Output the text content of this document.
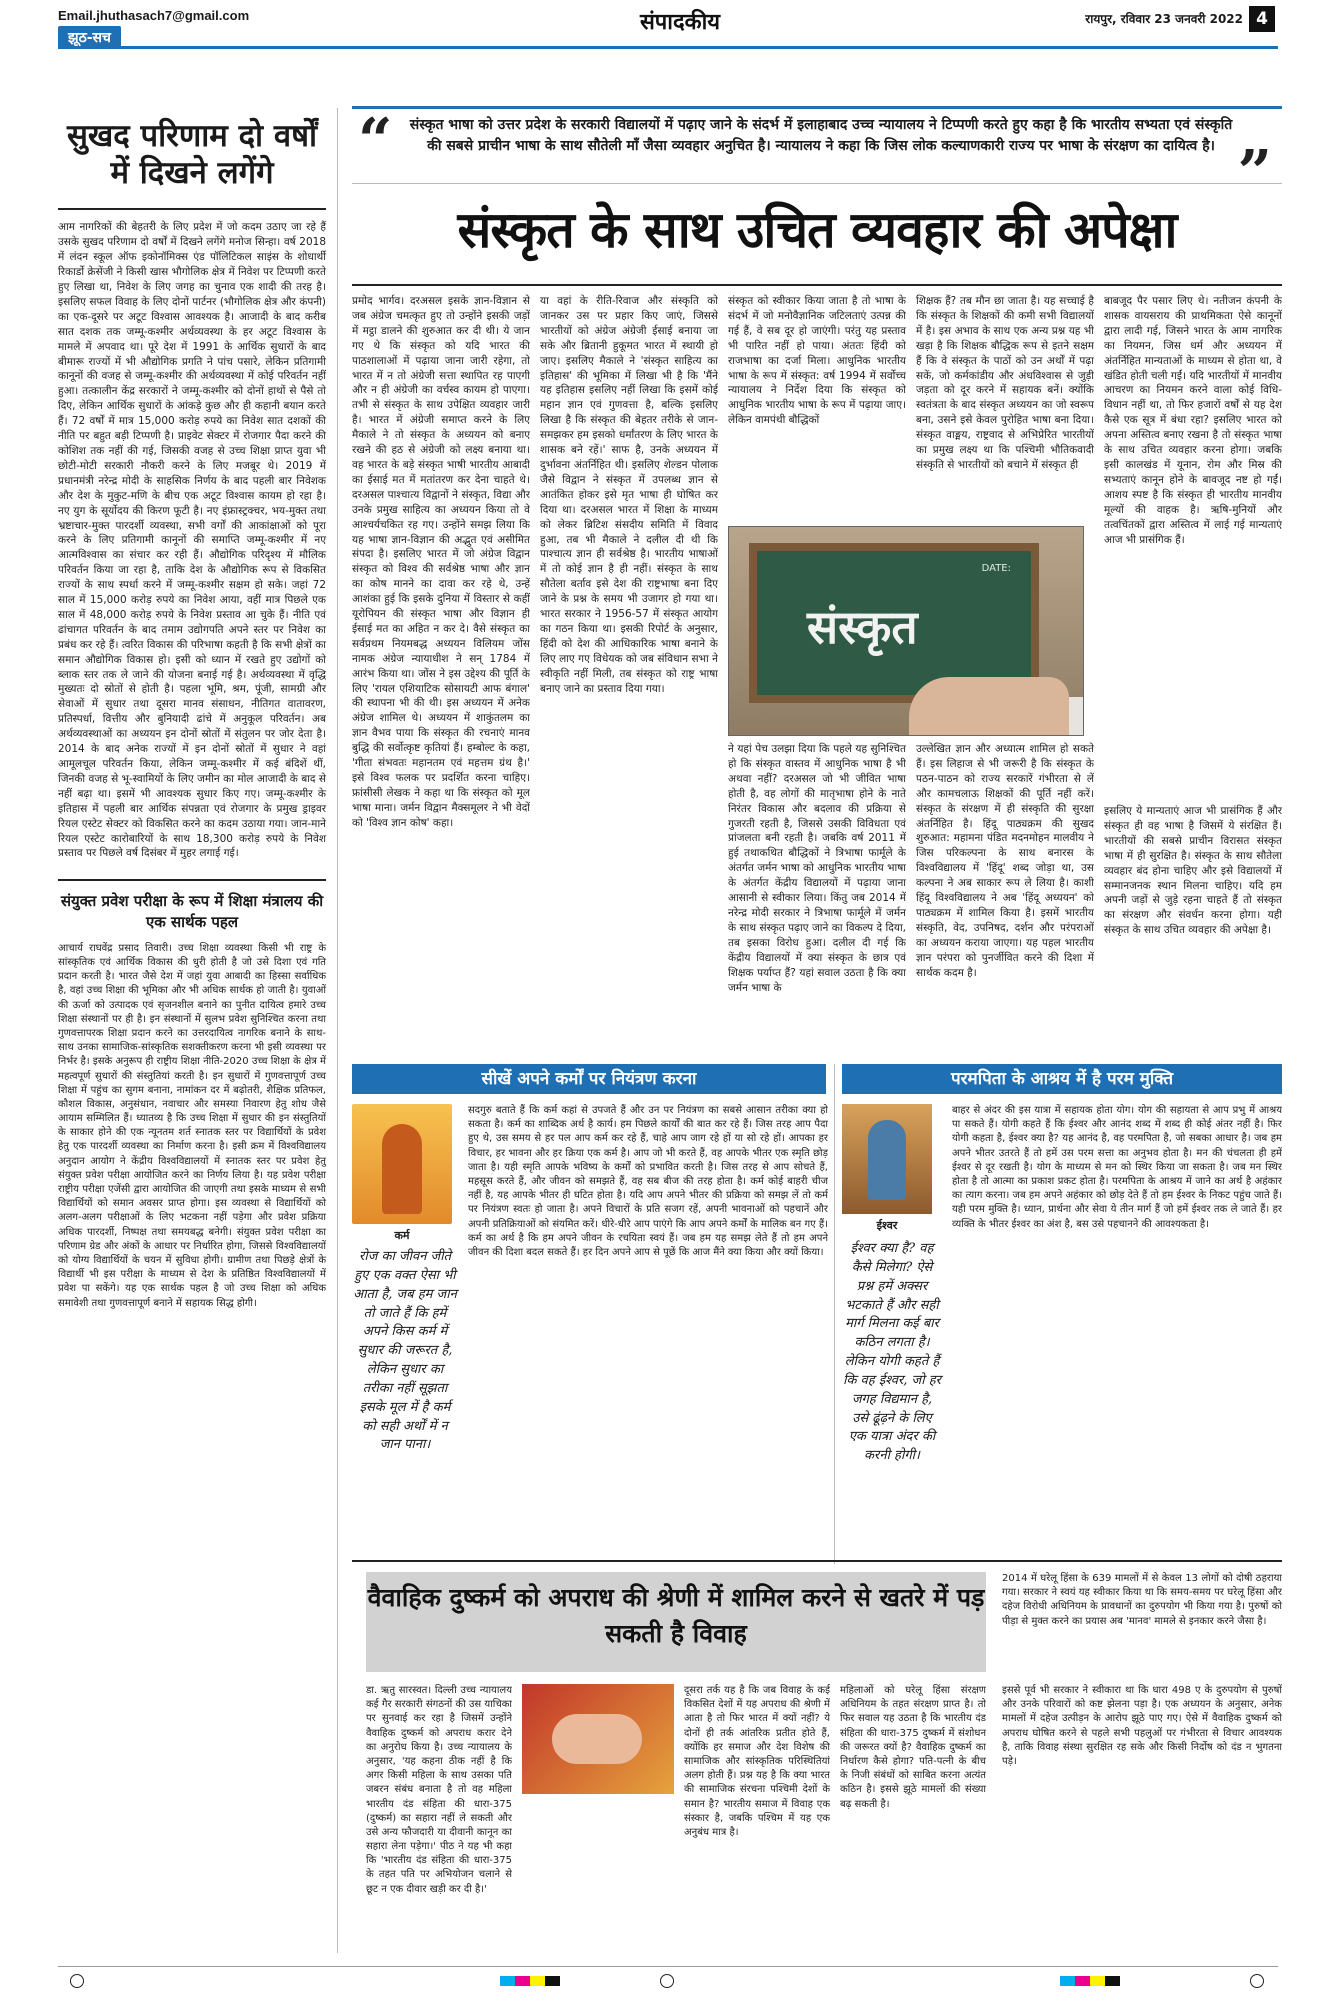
Email.jhuthasach7@gmail.com
झूठ-सच
संपादकीय	रायपुर, रविवार 23 जनवरी 2022 4
सुखद परिणाम दो वर्षों में दिखने लगेंगे
आम नागरिकों की बेहतरी के लिए प्रदेश में जो कदम उठाए जा रहे हैं उसके सुखद परिणाम दो वर्षों में दिखने लगेंगे मनोज सिन्हा। वर्ष 2018 में लंदन स्कूल ऑफ इकोनॉमिक्स एंड पॉलिटिकल साइंस के शोधार्थी रिकार्डो क्रेसेंजी ने किसी खास भौगोलिक क्षेत्र में निवेश पर टिप्पणी करते हुए लिखा था, निवेश के लिए जगह का चुनाव एक शादी की तरह है। इसलिए सफल विवाह के लिए दोनों पार्टनर (भौगोलिक क्षेत्र और कंपनी) का एक-दूसरे पर अटूट विश्वास आवश्यक है। आजादी के बाद करीब सात दशक तक जम्मू-कश्मीर अर्थव्यवस्था के हर अटूट विश्वास के मामले में अपवाद था। पूरे देश में 1991 के आर्थिक सुधारों के बाद बीमारू राज्यों में भी औद्योगिक प्रगति ने पांच पसारे, लेकिन प्रतिगामी कानूनों की वजह से जम्मू-कश्मीर की अर्थव्यवस्था में कोई परिवर्तन नहीं हुआ। तत्कालीन केंद्र सरकारों ने जम्मू-कश्मीर को दोनों हाथों से पैसे तो दिए, लेकिन आर्थिक सुधारों के आंकड़े कुछ और ही कहानी बयान करते हैं। 72 वर्षों में मात्र 15,000 करोड़ रुपये का निवेश सात दशकों की नीति पर बहुत बड़ी टिप्पणी है। प्राइवेट सेक्टर में रोजगार पैदा करने की कोशिश तक नहीं की गई, जिसकी वजह से उच्च शिक्षा प्राप्त युवा भी छोटी-मोटी सरकारी नौकरी करने के लिए मजबूर थे। 2019 में प्रधानमंत्री नरेन्द्र मोदी के साहसिक निर्णय के बाद पहली बार निवेशक और देश के मुकुट-मणि के बीच एक अटूट विश्वास कायम हो रहा है। नए युग के सूर्योदय की किरण फूटी है। नए इंफ्रास्ट्रक्चर, भय-मुक्त तथा भ्रष्टाचार-मुक्त पारदर्शी व्यवस्था, सभी वर्गों की आकांक्षाओं को पूरा करने के लिए प्रतिगामी कानूनों की समाप्ति जम्मू-कश्मीर में नए आत्मविश्वास का संचार कर रही हैं। औद्योगिक परिदृश्य में मौलिक परिवर्तन किया जा रहा है, ताकि देश के औद्योगिक रूप से विकसित राज्यों के साथ स्पर्धा करने में जम्मू-कश्मीर सक्षम हो सके। जहां 72 साल में 15,000 करोड़ रुपये का निवेश आया, वहीं मात्र पिछले एक साल में 48,000 करोड़ रुपये के निवेश प्रस्ताव आ चुके हैं। नीति एवं ढांचागत परिवर्तन के बाद तमाम उद्योगपति अपने स्तर पर निवेश का प्रबंध कर रहे हैं। त्वरित विकास की परिभाषा कहती है कि सभी क्षेत्रों का समान औद्योगिक विकास हो। इसी को ध्यान में रखते हुए उद्योगों को ब्लाक स्तर तक ले जाने की योजना बनाई गई है। अर्थव्यवस्था में वृद्धि मुख्यतः दो स्रोतों से होती है। पहला भूमि, श्रम, पूंजी, सामग्री और सेवाओं में सुधार तथा दूसरा मानव संसाधन, नीतिगत वातावरण, प्रतिस्पर्धा, वित्तीय और बुनियादी ढांचे में अनुकूल परिवर्तन। अब अर्थव्यवस्थाओं का अध्ययन इन दोनों स्रोतों में संतुलन पर जोर देता है। 2014 के बाद अनेक राज्यों में इन दोनों स्रोतों में सुधार ने वहां आमूलचूल परिवर्तन किया, लेकिन जम्मू-कश्मीर में कई बंदिशें थीं, जिनकी वजह से भू-स्वामियों के लिए जमीन का मोल आजादी के बाद से नहीं बढ़ा था। इसमें भी आवश्यक सुधार किए गए। जम्मू-कश्मीर के इतिहास में पहली बार आर्थिक संपन्नता एवं रोजगार के प्रमुख ड्राइवर रियल एस्टेट सेक्टर को विकसित करने का कदम उठाया गया। जान-माने रियल एस्टेट कारोबारियों के साथ 18,300 करोड़ रुपये के निवेश प्रस्ताव पर पिछले वर्ष दिसंबर में मुहर लगाई गई।
संयुक्त प्रवेश परीक्षा के रूप में शिक्षा मंत्रालय की एक सार्थक पहल
आचार्य राघवेंद्र प्रसाद तिवारी। उच्च शिक्षा व्यवस्था किसी भी राष्ट्र के सांस्कृतिक एवं आर्थिक विकास की धुरी होती है जो उसे दिशा एवं गति प्रदान करती है। भारत जैसे देश में जहां युवा आबादी का हिस्सा सर्वाधिक है, वहां उच्च शिक्षा की भूमिका और भी अधिक सार्थक हो जाती है। युवाओं की ऊर्जा को उत्पादक एवं सृजनशील बनाने का पुनीत दायित्व हमारे उच्च शिक्षा संस्थानों पर ही है। इन संस्थानों में सुलभ प्रवेश सुनिश्चित करना तथा गुणवत्तापरक शिक्षा प्रदान करने का उत्तरदायित्व नागरिक बनाने के साथ-साथ उनका सामाजिक-सांस्कृतिक सशक्तीकरण करना भी इसी व्यवस्था पर निर्भर है। इसके अनुरूप ही राष्ट्रीय शिक्षा नीति-2020 उच्च शिक्षा के क्षेत्र में महत्वपूर्ण सुधारों की संस्तुतियां करती है। इन सुधारों में गुणवत्तापूर्ण उच्च शिक्षा में पहुंच का सुगम बनाना, नामांकन दर में बढ़ोतरी, शैक्षिक प्रतिफल, कौशल विकास, अनुसंधान, नवाचार और समस्या निवारण हेतु शोध जैसे आयाम सम्मिलित हैं। ध्यातव्य है कि उच्च शिक्षा में सुधार की इन संस्तुतियों के साकार होने की एक न्यूनतम शर्त स्नातक स्तर पर विद्यार्थियों के प्रवेश हेतु एक पारदर्शी व्यवस्था का निर्माण करना है। इसी क्रम में विश्वविद्यालय अनुदान आयोग ने केंद्रीय विश्वविद्यालयों में स्नातक स्तर पर प्रवेश हेतु संयुक्त प्रवेश परीक्षा आयोजित करने का निर्णय लिया है। यह प्रवेश परीक्षा राष्ट्रीय परीक्षा एजेंसी द्वारा आयोजित की जाएगी तथा इसके माध्यम से सभी विद्यार्थियों को समान अवसर प्राप्त होगा। इस व्यवस्था से विद्यार्थियों को अलग-अलग परीक्षाओं के लिए भटकना नहीं पड़ेगा और प्रवेश प्रक्रिया अधिक पारदर्शी, निष्पक्ष तथा समयबद्ध बनेगी। संयुक्त प्रवेश परीक्षा का परिणाम ग्रेड और अंकों के आधार पर निर्धारित होगा, जिससे विश्वविद्यालयों को योग्य विद्यार्थियों के चयन में सुविधा होगी। ग्रामीण तथा पिछड़े क्षेत्रों के विद्यार्थी भी इस परीक्षा के माध्यम से देश के प्रतिष्ठित विश्वविद्यालयों में प्रवेश पा सकेंगे। यह एक सार्थक पहल है जो उच्च शिक्षा को अधिक समावेशी तथा गुणवत्तापूर्ण बनाने में सहायक सिद्ध होगी।
“ संस्कृत भाषा को उत्तर प्रदेश के सरकारी विद्यालयों में पढ़ाए जाने के संदर्भ में इलाहाबाद उच्च न्यायालय ने टिप्पणी करते हुए कहा है कि भारतीय सभ्यता एवं संस्कृति की सबसे प्राचीन भाषा के साथ सौतेली माँ जैसा व्यवहार अनुचित है। न्यायालय ने कहा कि जिस लोक कल्याणकारी राज्य पर भाषा के संरक्षण का दायित्व है। ”
संस्कृत के साथ उचित व्यवहार की अपेक्षा
प्रमोद भार्गव। दरअसल इसके ज्ञान-विज्ञान से जब अंग्रेज चमत्कृत हुए तो उन्होंने इसकी जड़ों में मट्ठा डालने की शुरुआत कर दी थी। ये जान गए थे कि संस्कृत को यदि भारत की पाठशालाओं में पढ़ाया जाना जारी रहेगा, तो भारत में न तो अंग्रेजी सत्ता स्थापित रह पाएगी और न ही अंग्रेजी का वर्चस्व कायम हो पाएगा। तभी से संस्कृत के साथ उपेक्षित व्यवहार जारी है। भारत में अंग्रेजी समाप्त करने के लिए मैकाले ने तो संस्कृत के अध्ययन को बनाए रखने की हठ से अंग्रेजी को लक्ष्य बनाया था। वह भारत के बड़े संस्कृत भाषी भारतीय आबादी का ईसाई मत में मतांतरण कर देना चाहते थे। दरअसल पाश्चात्य विद्वानों ने संस्कृत, विद्या और उनके प्रमुख साहित्य का अध्ययन किया तो वे आश्चर्यचकित रह गए। उन्होंने समझ लिया कि यह भाषा ज्ञान-विज्ञान की अद्भुत एवं असीमित संपदा है। इसलिए भारत में जो अंग्रेज विद्वान संस्कृत को विश्व की सर्वश्रेष्ठ भाषा और ज्ञान का कोष मानने का दावा कर रहे थे, उन्हें आशंका हुई कि इसके दुनिया में विस्तार से कहीं यूरोपियन की संस्कृत भाषा और विज्ञान ही ईसाई मत का अहित न कर दे। वैसे संस्कृत का सर्वप्रथम नियमबद्ध अध्ययन विलियम जोंस नामक अंग्रेज न्यायाधीश ने सन् 1784 में आरंभ किया था। जोंस ने इस उद्देश्य की पूर्ति के लिए 'रायल एशियाटिक सोसायटी आफ बंगाल' की स्थापना भी की थी। इस अध्ययन में अनेक अंग्रेज शामिल थे। अध्ययन में शाकुंतलम का ज्ञान वैभव पाया कि संस्कृत की रचनाएं मानव बुद्धि की सर्वोत्कृष्ट कृतियां हैं। हम्बोल्ट के कहा, 'गीता संभवतः महानतम एवं महत्तम ग्रंथ है।' इसे विश्व फलक पर प्रदर्शित करना चाहिए। फ्रांसीसी लेखक ने कहा था कि संस्कृत को मूल भाषा माना। जर्मन विद्वान मैक्समूलर ने भी वेदों को 'विश्व ज्ञान कोष' कहा।
या वहां के रीति-रिवाज और संस्कृति को जानकर उस पर प्रहार किए जाएं, जिससे भारतीयों को अंग्रेज अंग्रेजी ईसाई बनाया जा सके और ब्रितानी हुकूमत भारत में स्थायी हो जाए। इसलिए मैकाले ने 'संस्कृत साहित्य का इतिहास' की भूमिका में लिखा भी है कि 'मैंने यह इतिहास इसलिए नहीं लिखा कि इसमें कोई महान ज्ञान एवं गुणवत्ता है, बल्कि इसलिए लिखा है कि संस्कृत की बेहतर तरीके से जान-समझकर हम इसको धर्मांतरण के लिए भारत के शासक बने रहें।' साफ है, उनके अध्ययन में दुर्भावना अंतर्निहित थी। इसलिए शेल्डन पोलाक जैसे विद्वान ने संस्कृत में उपलब्ध ज्ञान से आतंकित होकर इसे मृत भाषा ही घोषित कर दिया था। दरअसल भारत में शिक्षा के माध्यम को लेकर ब्रिटिश संसदीय समिति में विवाद हुआ, तब भी मैकाले ने दलील दी थी कि पाश्चात्य ज्ञान ही सर्वश्रेष्ठ है। भारतीय भाषाओं में तो कोई ज्ञान है ही नहीं। संस्कृत के साथ सौतेला बर्ताव इसे देश की राष्ट्रभाषा बना दिए जाने के प्रश्न के समय भी उजागर हो गया था। भारत सरकार ने 1956-57 में संस्कृत आयोग का गठन किया था। इसकी रिपोर्ट के अनुसार, हिंदी को देश की आधिकारिक भाषा बनाने के लिए लाए गए विधेयक को जब संविधान सभा ने स्वीकृति नहीं मिली, तब संस्कृत को राष्ट्र भाषा बनाए जाने का प्रस्ताव दिया गया।
संस्कृत को स्वीकार किया जाता है तो भाषा के संदर्भ में जो मनोवैज्ञानिक जटिलताएं उत्पन्न की गई हैं, वे सब दूर हो जाएंगी। परंतु यह प्रस्ताव भी पारित नहीं हो पाया। अंततः हिंदी को राजभाषा का दर्जा मिला। आधुनिक भारतीय भाषा के रूप में संस्कृत: वर्ष 1994 में सर्वोच्च न्यायालय ने निर्देश दिया कि संस्कृत को आधुनिक भारतीय भाषा के रूप में पढ़ाया जाए। लेकिन वामपंथी बौद्धिकों
शिक्षक हैं? तब मौन छा जाता है। यह सच्चाई है कि संस्कृत के शिक्षकों की कमी सभी विद्यालयों में है। इस अभाव के साथ एक अन्य प्रश्न यह भी खड़ा है कि शिक्षक बौद्धिक रूप से इतने सक्षम हैं कि वे संस्कृत के पाठों को उन अर्थों में पढ़ा सकें, जो कर्मकांडीय और अंधविश्वास से जुड़ी जड़ता को दूर करने में सहायक बनें। क्योंकि स्वतंत्रता के बाद संस्कृत अध्ययन का जो स्वरूप बना, उसने इसे केवल पुरोहित भाषा बना दिया। संस्कृत वाङ्मय, राष्ट्रवाद से अभिप्रेरित भारतीयों का प्रमुख लक्ष्य था कि पश्चिमी भौतिकवादी संस्कृति से भारतीयों को बचाने में संस्कृत ही
बाबजूद पैर पसार लिए थे। नतीजन कंपनी के शासक वायसराय की प्राथमिकता ऐसे कानूनों द्वारा लादी गई, जिसने भारत के आम नागरिक का नियमन, जिस धर्म और अध्ययन में अंतर्निहित मान्यताओं के माध्यम से होता था, वे खंडित होती चली गईं। यदि भारतीयों में मानवीय आचरण का नियमन करने वाला कोई विधि-विधान नहीं था, तो फिर हजारों वर्षों से यह देश कैसे एक सूत्र में बंधा रहा? इसलिए भारत को अपना अस्तित्व बनाए रखना है तो संस्कृत भाषा के साथ उचित व्यवहार करना होगा। जबकि इसी कालखंड में यूनान, रोम और मिस्र की सभ्यताएं कानून होने के बावजूद नष्ट हो गईं। आशय स्पष्ट है कि संस्कृत ही भारतीय मानवीय मूल्यों की वाहक है। ऋषि-मुनियों और तत्वचिंतकों द्वारा अस्तित्व में लाई गई मान्यताएं आज भी प्रासंगिक हैं।
ने यहां पेच उलझा दिया कि पहले यह सुनिश्चित हो कि संस्कृत वास्तव में आधुनिक भाषा है भी अथवा नहीं? दरअसल जो भी जीवित भाषा होती है, वह लोगों की मातृभाषा होने के नाते निरंतर विकास और बदलाव की प्रक्रिया से गुजरती रहती है, जिससे उसकी विविधता एवं प्रांजलता बनी रहती है। जबकि वर्ष 2011 में हुई तथाकथित बौद्धिकों ने त्रिभाषा फार्मूले के अंतर्गत जर्मन भाषा को आधुनिक भारतीय भाषा के अंतर्गत केंद्रीय विद्यालयों में पढ़ाया जाना आसानी से स्वीकार लिया। किंतु जब 2014 में नरेन्द्र मोदी सरकार ने त्रिभाषा फार्मूले में जर्मन के साथ संस्कृत पढ़ाए जाने का विकल्प दे दिया, तब इसका विरोध हुआ। दलील दी गई कि केंद्रीय विद्यालयों में क्या संस्कृत के छात्र एवं शिक्षक पर्याप्त हैं? यहां सवाल उठता है कि क्या जर्मन भाषा के
उल्लेखित ज्ञान और अध्यात्म शामिल हो सकते हैं। इस लिहाज से भी जरूरी है कि संस्कृत के पठन-पाठन को राज्य सरकारें गंभीरता से लें और कामचलाऊ शिक्षकों की पूर्ति नहीं करें। संस्कृत के संरक्षण में ही संस्कृति की सुरक्षा अंतर्निहित है। हिंदू पाठ्यक्रम की सुखद शुरुआत: महामना पंडित मदनमोहन मालवीय ने जिस परिकल्पना के साथ बनारस के विश्वविद्यालय में 'हिंदू' शब्द जोड़ा था, उस कल्पना ने अब साकार रूप ले लिया है। काशी हिंदू विश्वविद्यालय ने अब 'हिंदू अध्ययन' को पाठ्यक्रम में शामिल किया है। इसमें भारतीय संस्कृति, वेद, उपनिषद, दर्शन और परंपराओं का अध्ययन कराया जाएगा। यह पहल भारतीय ज्ञान परंपरा को पुनर्जीवित करने की दिशा में सार्थक कदम है।
इसलिए ये मान्यताएं आज भी प्रासंगिक हैं और संस्कृत ही वह भाषा है जिसमें ये संरक्षित हैं। भारतीयों की सबसे प्राचीन विरासत संस्कृत भाषा में ही सुरक्षित है। संस्कृत के साथ सौतेला व्यवहार बंद होना चाहिए और इसे विद्यालयों में सम्मानजनक स्थान मिलना चाहिए। यदि हम अपनी जड़ों से जुड़े रहना चाहते हैं तो संस्कृत का संरक्षण और संवर्धन करना होगा। यही संस्कृत के साथ उचित व्यवहार की अपेक्षा है।
DATE:
संस्कृत
सीखें अपने कर्मों पर नियंत्रण करना	परमपिता के आश्रय में है परम मुक्ति
कर्म
रोज का जीवन जीते हुए एक वक्त ऐसा भी आता है, जब हम जान तो जाते हैं कि हमें अपने किस कर्म में सुधार की जरूरत है, लेकिन सुधार का तरीका नहीं सूझता इसके मूल में है कर्म को सही अर्थों में न जान पाना।
सदगुरु बताते हैं कि कर्म कहां से उपजते हैं और उन पर नियंत्रण का सबसे आसान तरीका क्या हो सकता है। कर्म का शाब्दिक अर्थ है कार्य। हम पिछले कार्यों की बात कर रहे हैं। जिस तरह आप पैदा हुए थे, उस समय से हर पल आप कर्म कर रहे हैं, चाहे आप जाग रहे हों या सो रहे हों। आपका हर विचार, हर भावना और हर क्रिया एक कर्म है। आप जो भी करते हैं, वह आपके भीतर एक स्मृति छोड़ जाता है। यही स्मृति आपके भविष्य के कर्मों को प्रभावित करती है। जिस तरह से आप सोचते हैं, महसूस करते हैं, और जीवन को समझते हैं, वह सब बीज की तरह होता है। कर्म कोई बाहरी चीज नहीं है, यह आपके भीतर ही घटित होता है। यदि आप अपने भीतर की प्रक्रिया को समझ लें तो कर्म पर नियंत्रण स्वतः हो जाता है। अपने विचारों के प्रति सजग रहें, अपनी भावनाओं को पहचानें और अपनी प्रतिक्रियाओं को संयमित करें। धीरे-धीरे आप पाएंगे कि आप अपने कर्मों के मालिक बन गए हैं। कर्म का अर्थ है कि हम अपने जीवन के रचयिता स्वयं हैं। जब हम यह समझ लेते हैं तो हम अपने जीवन की दिशा बदल सकते हैं। हर दिन अपने आप से पूछें कि आज मैंने क्या किया और क्यों किया।
ईश्वर
ईश्वर क्या है? वह कैसे मिलेगा? ऐसे प्रश्न हमें अक्सर भटकाते हैं और सही मार्ग मिलना कई बार कठिन लगता है। लेकिन योगी कहते हैं कि वह ईश्वर, जो हर जगह विद्यमान है, उसे ढूंढ़ने के लिए एक यात्रा अंदर की करनी होगी।
बाहर से अंदर की इस यात्रा में सहायक होता योग। योग की सहायता से आप प्रभु में आश्रय पा सकते हैं। योगी कहते हैं कि ईश्वर और आनंद शब्द में शब्द ही कोई अंतर नहीं है। फिर योगी कहता है, ईश्वर क्या है? यह आनंद है, वह परमपिता है, जो सबका आधार है। जब हम अपने भीतर उतरते हैं तो हमें उस परम सत्ता का अनुभव होता है। मन की चंचलता ही हमें ईश्वर से दूर रखती है। योग के माध्यम से मन को स्थिर किया जा सकता है। जब मन स्थिर होता है तो आत्मा का प्रकाश प्रकट होता है। परमपिता के आश्रय में जाने का अर्थ है अहंकार का त्याग करना। जब हम अपने अहंकार को छोड़ देते हैं तो हम ईश्वर के निकट पहुंच जाते हैं। यही परम मुक्ति है। ध्यान, प्रार्थना और सेवा ये तीन मार्ग हैं जो हमें ईश्वर तक ले जाते हैं। हर व्यक्ति के भीतर ईश्वर का अंश है, बस उसे पहचानने की आवश्यकता है।
वैवाहिक दुष्कर्म को अपराध की श्रेणी में शामिल करने से खतरे में पड़ सकती है विवाह
2014 में घरेलू हिंसा के 639 मामलों में से केवल 13 लोगों को दोषी ठहराया गया। सरकार ने स्वयं यह स्वीकार किया था कि समय-समय पर घरेलू हिंसा और दहेज विरोधी अधिनियम के प्रावधानों का दुरुपयोग भी किया गया है। पुरुषों को पीड़ा से मुक्त करने का प्रयास अब 'मानव' मामले से इनकार करने जैसा है।
डा. ऋतु सारस्वत। दिल्ली उच्च न्यायालय कई गैर सरकारी संगठनों की उस याचिका पर सुनवाई कर रहा है जिसमें उन्होंने वैवाहिक दुष्कर्म को अपराध करार देने का अनुरोध किया है। उच्च न्यायालय के अनुसार, 'यह कहना ठीक नहीं है कि अगर किसी महिला के साथ उसका पति जबरन संबंध बनाता है तो वह महिला भारतीय दंड संहिता की धारा-375 (दुष्कर्म) का सहारा नहीं ले सकती और उसे अन्य फौजदारी या दीवानी कानून का सहारा लेना पड़ेगा।' पीठ ने यह भी कहा कि 'भारतीय दंड संहिता की धारा-375 के तहत पति पर अभियोजन चलाने से छूट न एक दीवार खड़ी कर दी है।'
दूसरा तर्क यह है कि जब विवाह के कई विकसित देशों में यह अपराध की श्रेणी में आता है तो फिर भारत में क्यों नहीं? ये दोनों ही तर्क आंतरिक प्रतीत होते हैं, क्योंकि हर समाज और देश विशेष की सामाजिक और सांस्कृतिक परिस्थितियां अलग होती हैं। प्रश्न यह है कि क्या भारत की सामाजिक संरचना पश्चिमी देशों के समान है? भारतीय समाज में विवाह एक संस्कार है, जबकि पश्चिम में यह एक अनुबंध मात्र है।
महिलाओं को घरेलू हिंसा संरक्षण अधिनियम के तहत संरक्षण प्राप्त है। तो फिर सवाल यह उठता है कि भारतीय दंड संहिता की धारा-375 दुष्कर्म में संशोधन की जरूरत क्यों है? वैवाहिक दुष्कर्म का निर्धारण कैसे होगा? पति-पत्नी के बीच के निजी संबंधों को साबित करना अत्यंत कठिन है। इससे झूठे मामलों की संख्या बढ़ सकती है।
इससे पूर्व भी सरकार ने स्वीकारा था कि धारा 498 ए के दुरुपयोग से पुरुषों और उनके परिवारों को कष्ट झेलना पड़ा है। एक अध्ययन के अनुसार, अनेक मामलों में दहेज उत्पीड़न के आरोप झूठे पाए गए। ऐसे में वैवाहिक दुष्कर्म को अपराध घोषित करने से पहले सभी पहलुओं पर गंभीरता से विचार आवश्यक है, ताकि विवाह संस्था सुरक्षित रह सके और किसी निर्दोष को दंड न भुगतना पड़े।
